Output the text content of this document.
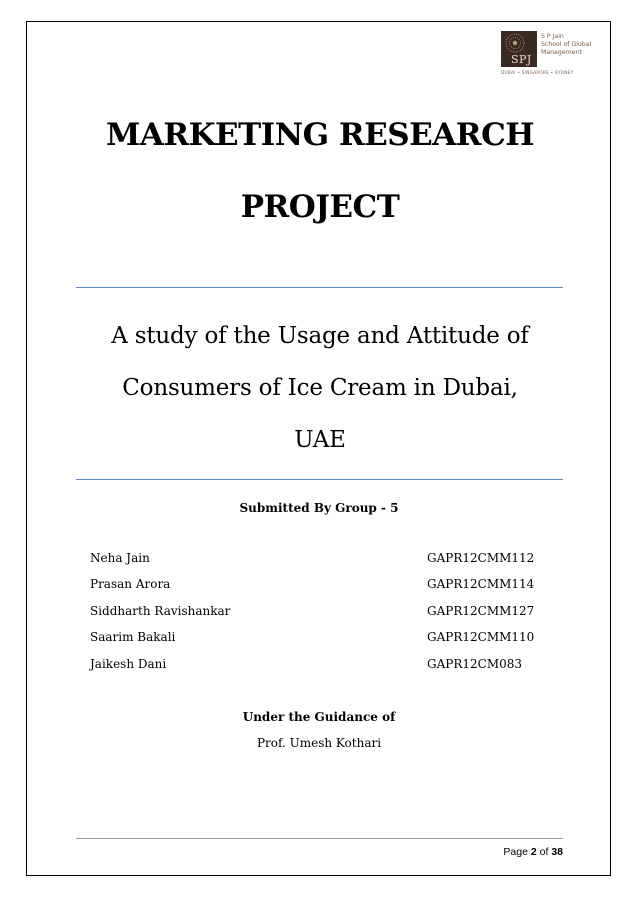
SPJ
S P Jain
School of Global
Management
DUBAI • SINGAPORE • SYDNEY
MARKETING RESEARCH
PROJECT
A study of the Usage and Attitude of
Consumers of Ice Cream in Dubai,
UAE
Submitted By Group - 5
Neha Jain	GAPR12CMM112
Prasan Arora	GAPR12CMM114
Siddharth Ravishankar	GAPR12CMM127
Saarim Bakali	GAPR12CMM110
Jaikesh Dani	GAPR12CM083
Under the Guidance of
Prof. Umesh Kothari
Page 2 of 38
